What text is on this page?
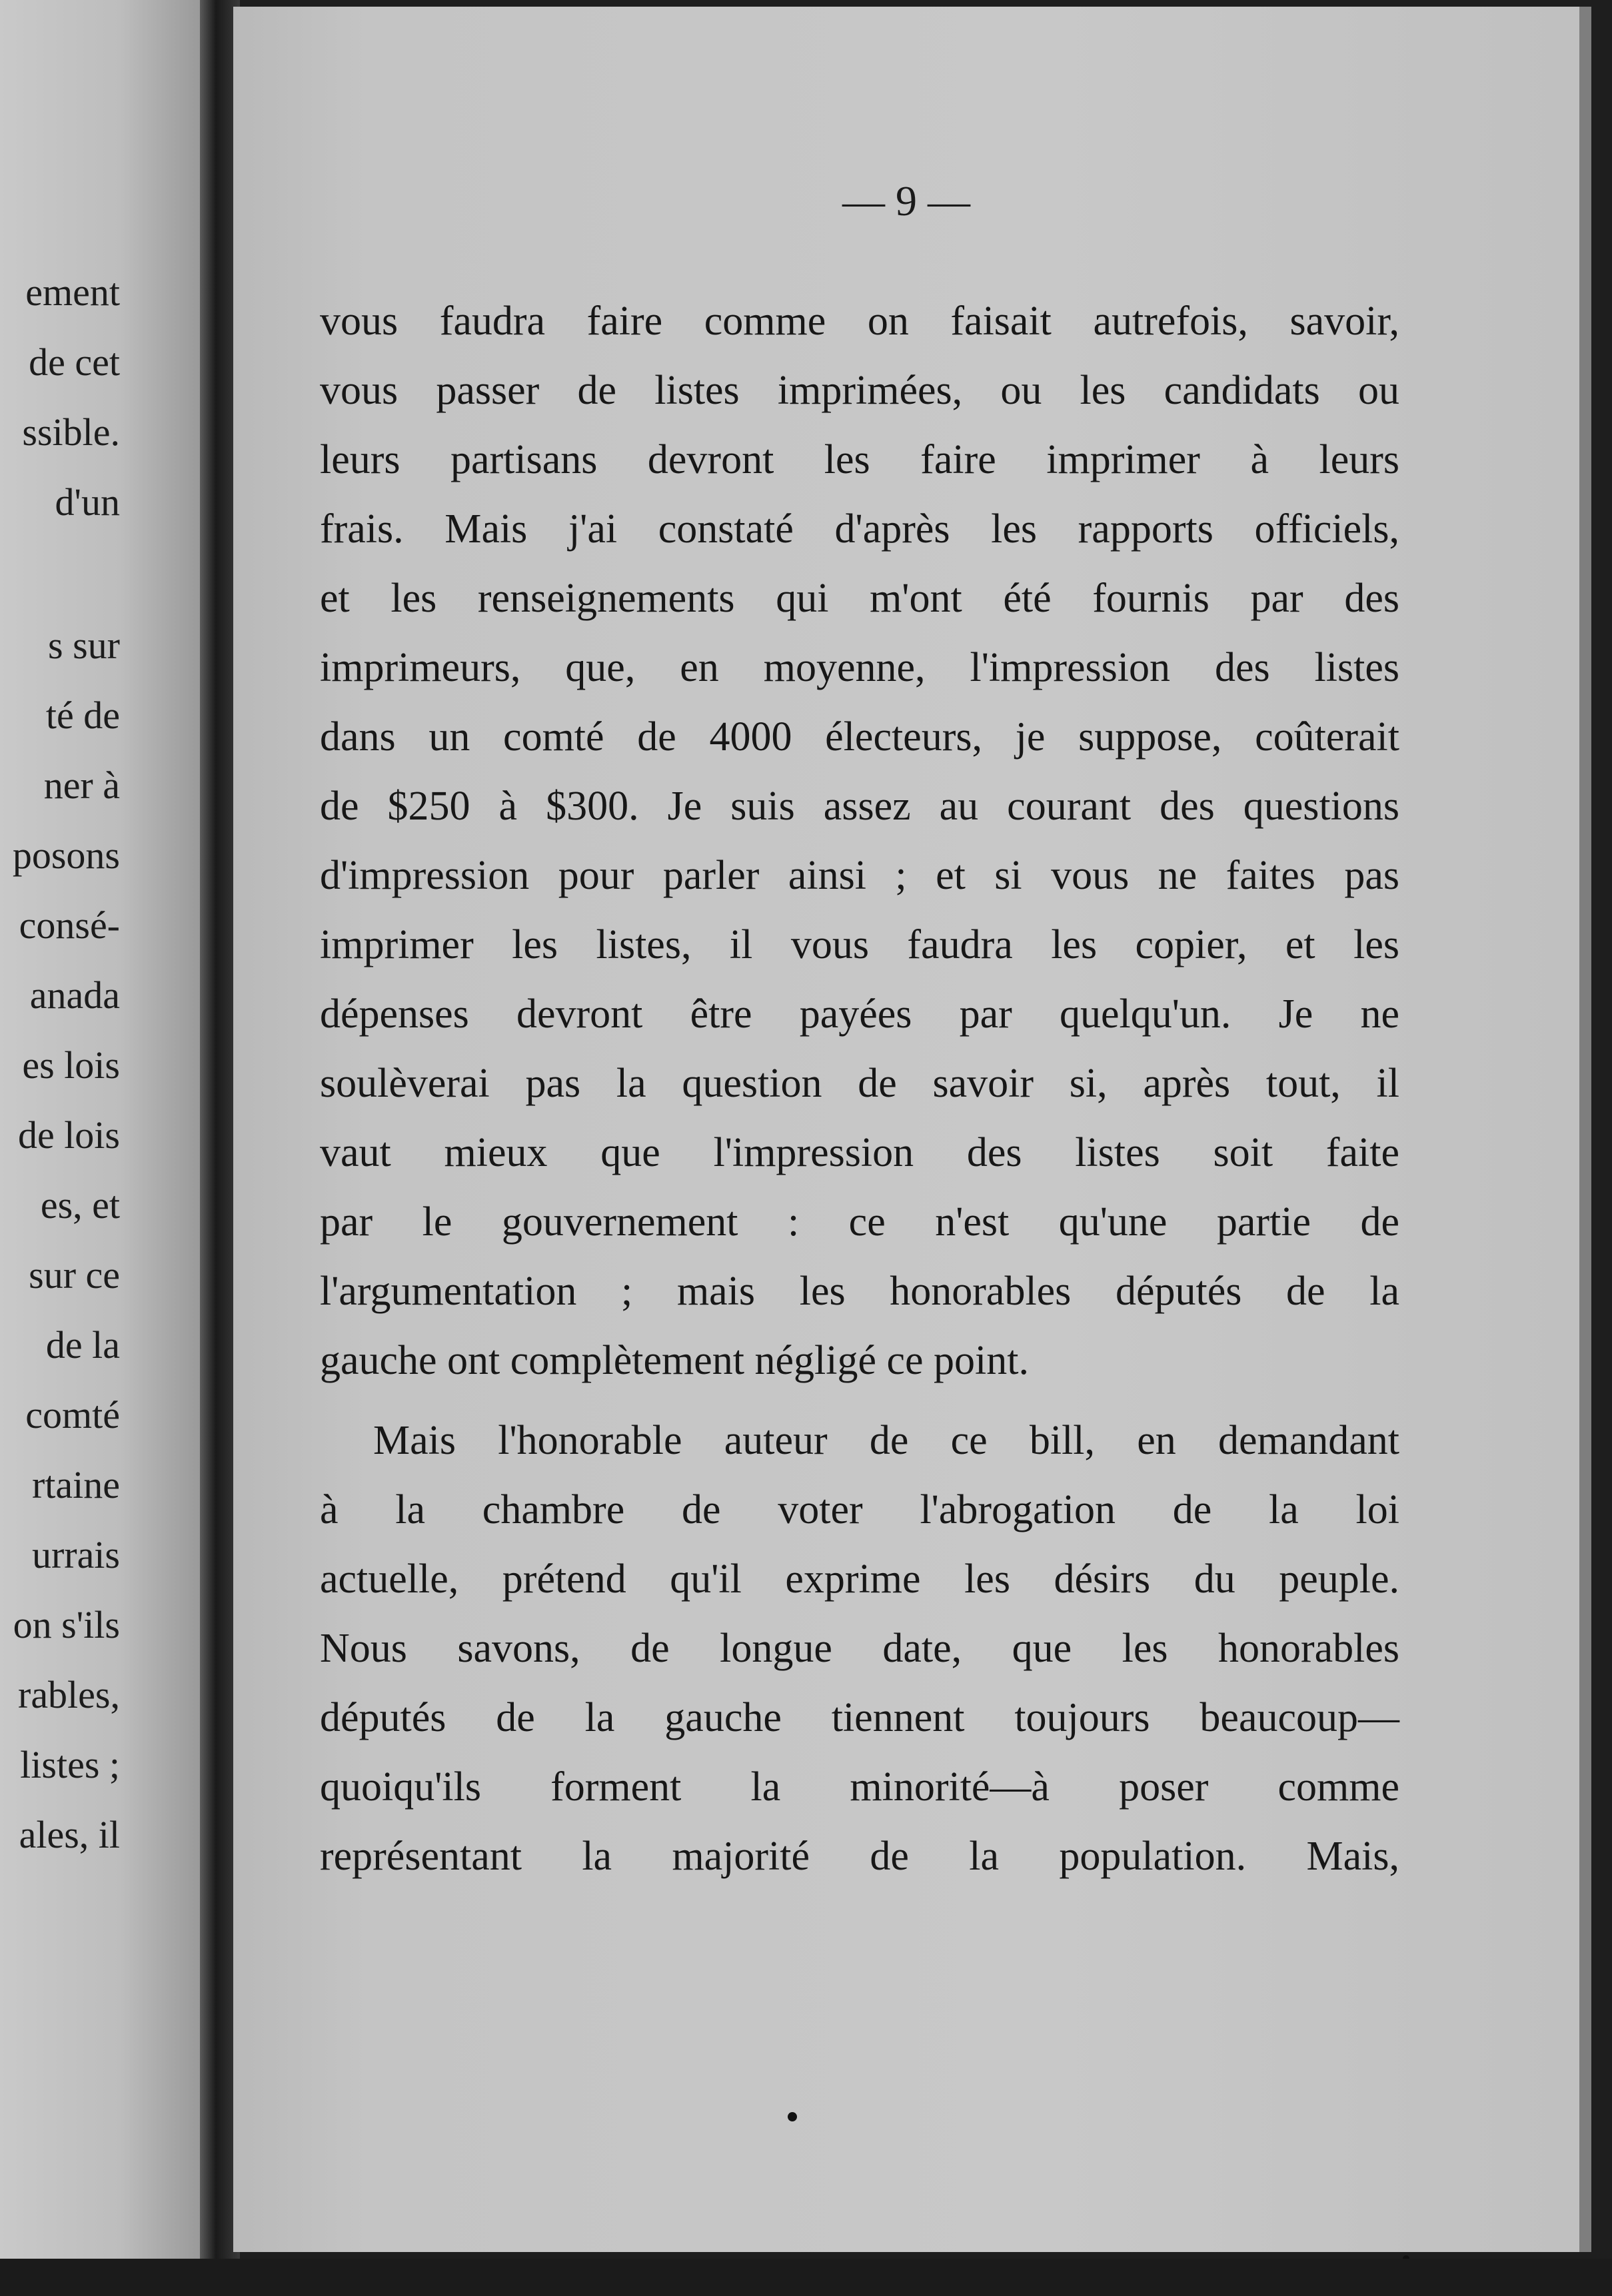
ement
de cet
ssible.
d'un
s sur
té de
ner à
posons
consé-
anada
es lois
de lois
es, et
sur ce
de la
comté
rtaine
urrais
on s'ils
rables,
listes ;
ales, il
— 9 —
vous faudra faire comme on faisait autrefois, savoir,
vous passer de listes imprimées, ou les candidats ou
leurs partisans devront les faire imprimer à leurs
frais. Mais j'ai constaté d'après les rapports officiels,
et les renseignements qui m'ont été fournis par des
imprimeurs, que, en moyenne, l'impression des listes
dans un comté de 4000 électeurs, je suppose, coûterait
de $250 à $300. Je suis assez au courant des questions
d'impression pour parler ainsi ; et si vous ne faites pas
imprimer les listes, il vous faudra les copier, et les
dépenses devront être payées par quelqu'un. Je ne
soulèverai pas la question de savoir si, après tout, il
vaut mieux que l'impression des listes soit faite
par le gouvernement : ce n'est qu'une partie de
l'argumentation ; mais les honorables députés de la
gauche ont complètement négligé ce point.
Mais l'honorable auteur de ce bill, en demandant
à la chambre de voter l'abrogation de la loi
actuelle, prétend qu'il exprime les désirs du peuple.
Nous savons, de longue date, que les honorables
députés de la gauche tiennent toujours beaucoup—
quoiqu'ils forment la minorité—à poser comme
représentant la majorité de la population. Mais,
